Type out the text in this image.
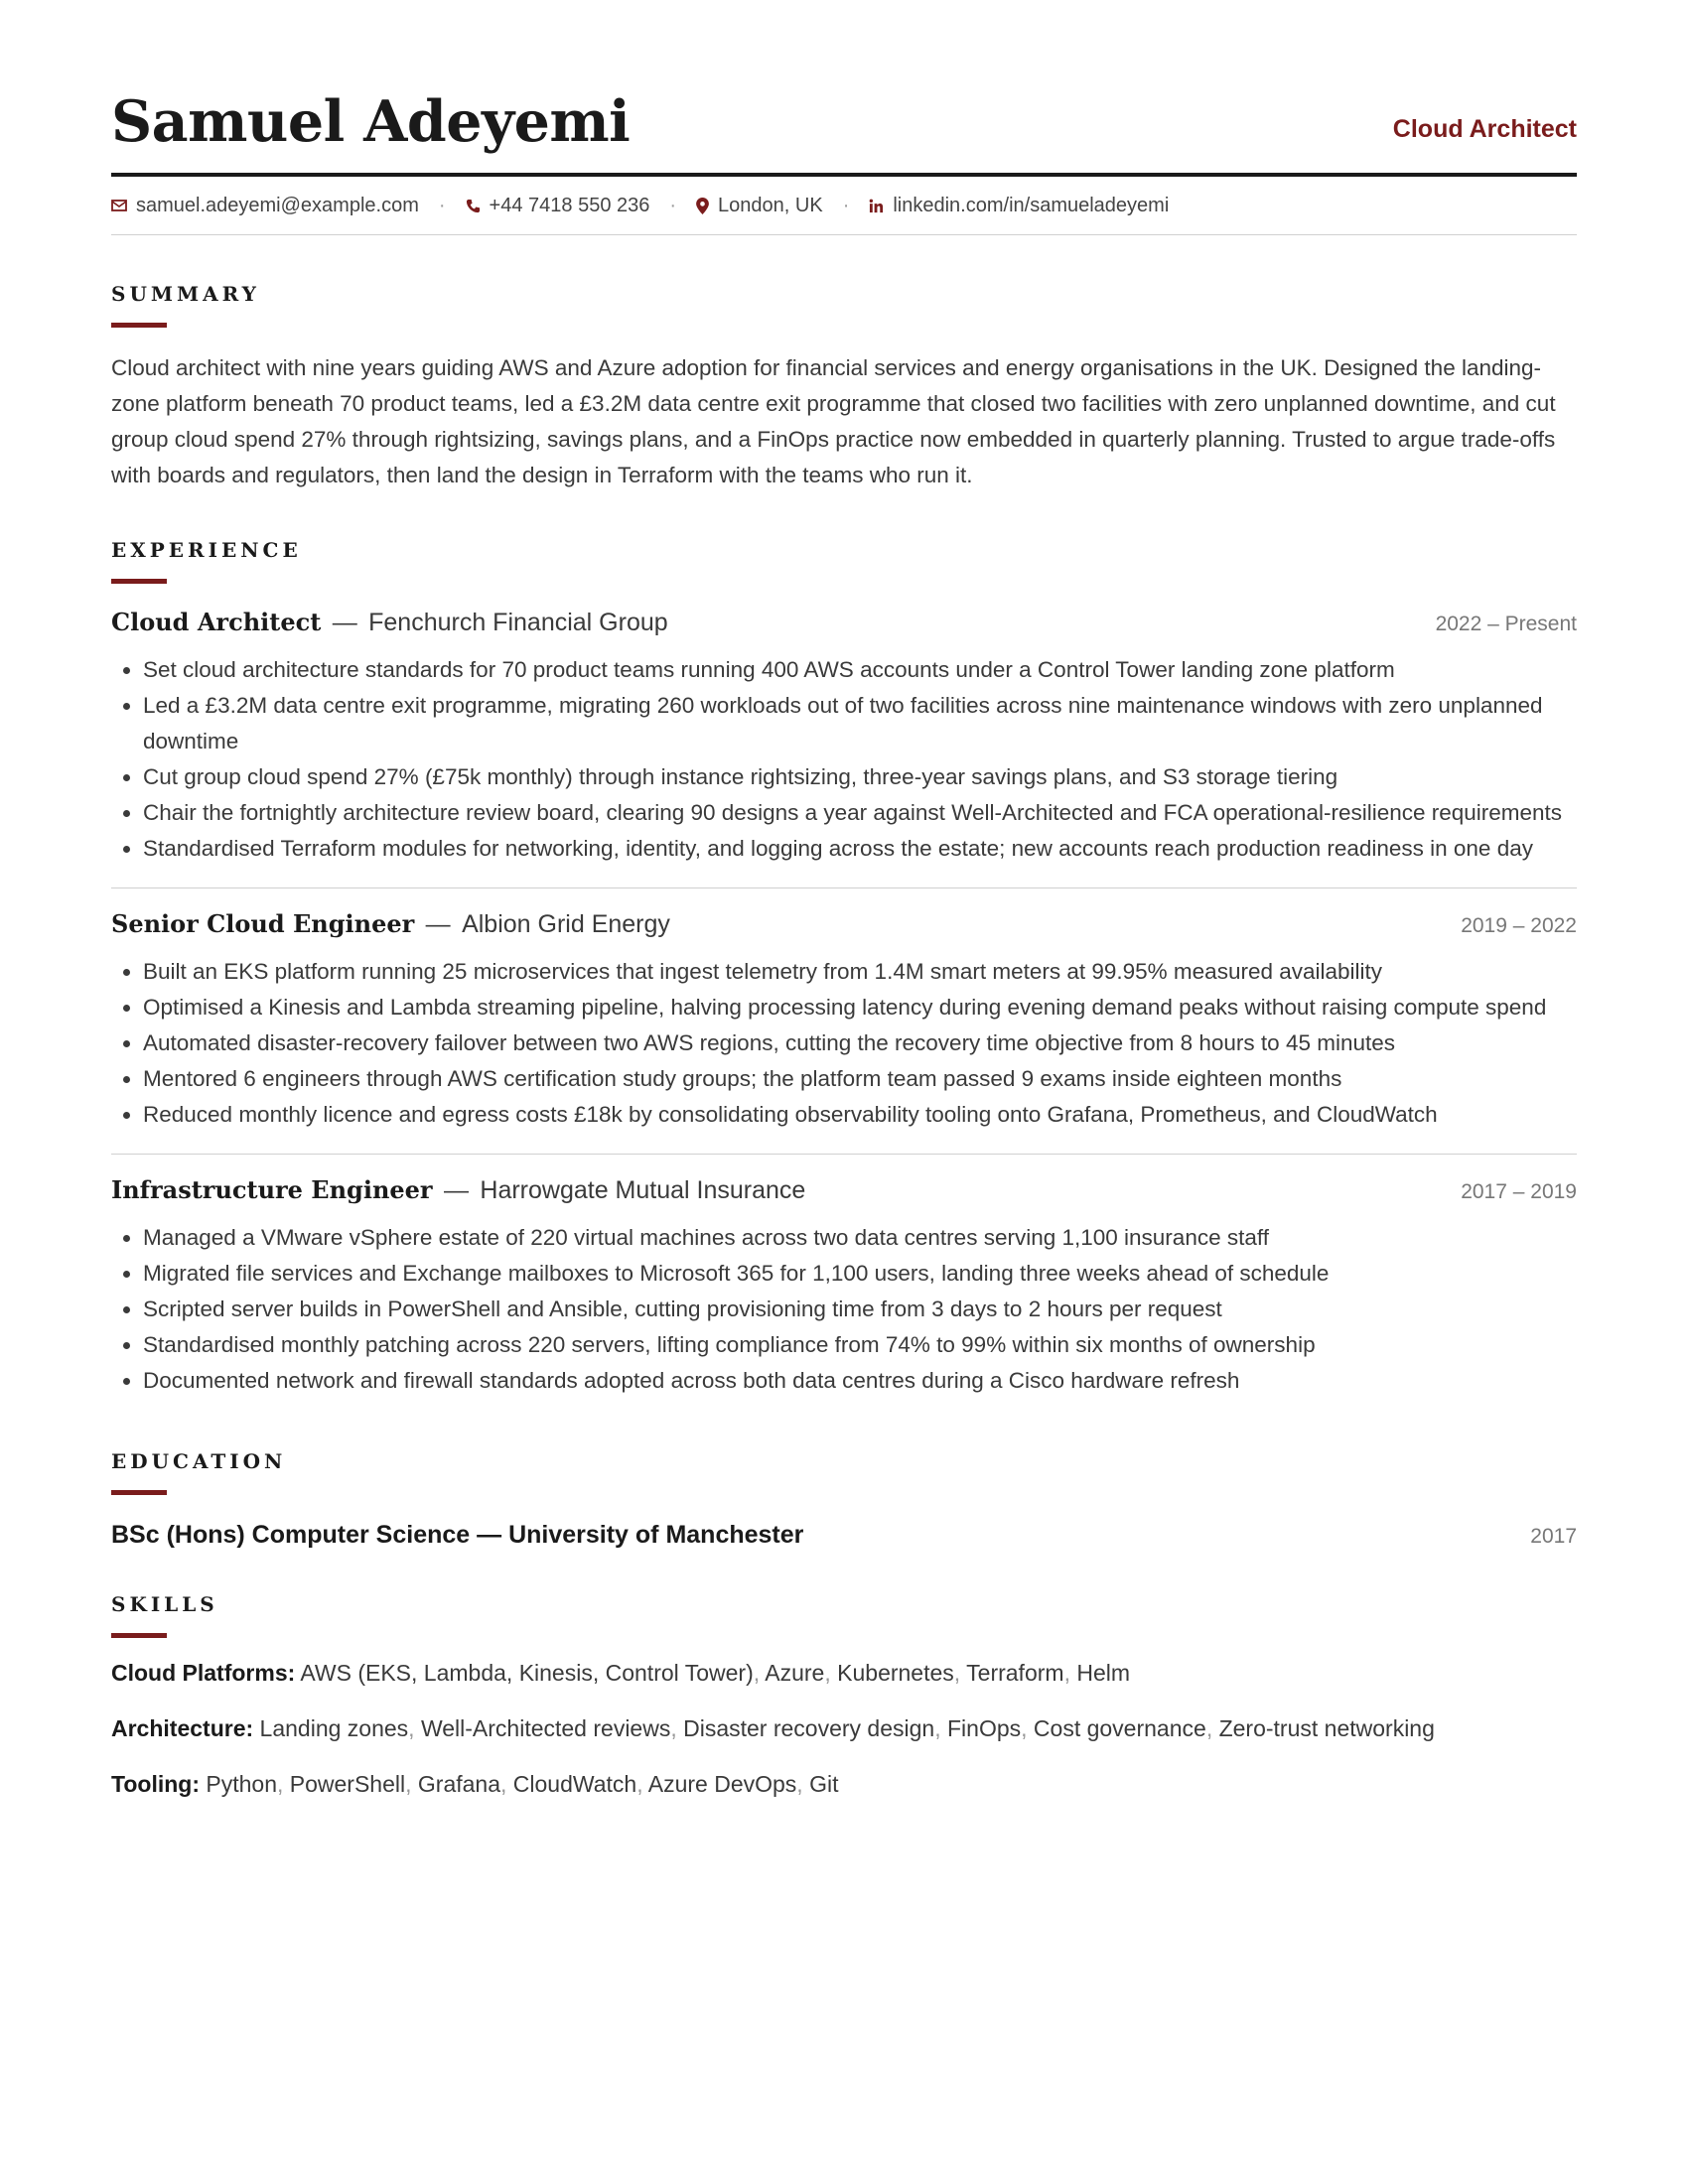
Samuel Adeyemi	Cloud Architect
samuel.adeyemi@example.com · +44 7418 550 236 · London, UK · linkedin.com/in/samueladeyemi
SUMMARY

Cloud architect with nine years guiding AWS and Azure adoption for financial services and energy organisations in the UK. Designed the landing-zone platform beneath 70 product teams, led a £3.2M data centre exit programme that closed two facilities with zero unplanned downtime, and cut group cloud spend 27% through rightsizing, savings plans, and a FinOps practice now embedded in quarterly planning. Trusted to argue trade-offs with boards and regulators, then land the design in Terraform with the teams who run it.

EXPERIENCE
Cloud Architect  —  Fenchurch Financial Group	2022 – Present
• Set cloud architecture standards for 70 product teams running 400 AWS accounts under a Control Tower landing zone platform
• Led a £3.2M data centre exit programme, migrating 260 workloads out of two facilities across nine maintenance windows with zero unplanned downtime
• Cut group cloud spend 27% (£75k monthly) through instance rightsizing, three-year savings plans, and S3 storage tiering
• Chair the fortnightly architecture review board, clearing 90 designs a year against Well-Architected and FCA operational-resilience requirements
• Standardised Terraform modules for networking, identity, and logging across the estate; new accounts reach production readiness in one day
Senior Cloud Engineer  —  Albion Grid Energy	2019 – 2022
• Built an EKS platform running 25 microservices that ingest telemetry from 1.4M smart meters at 99.95% measured availability
• Optimised a Kinesis and Lambda streaming pipeline, halving processing latency during evening demand peaks without raising compute spend
• Automated disaster-recovery failover between two AWS regions, cutting the recovery time objective from 8 hours to 45 minutes
• Mentored 6 engineers through AWS certification study groups; the platform team passed 9 exams inside eighteen months
• Reduced monthly licence and egress costs £18k by consolidating observability tooling onto Grafana, Prometheus, and CloudWatch
Infrastructure Engineer  —  Harrowgate Mutual Insurance	2017 – 2019
• Managed a VMware vSphere estate of 220 virtual machines across two data centres serving 1,100 insurance staff
• Migrated file services and Exchange mailboxes to Microsoft 365 for 1,100 users, landing three weeks ahead of schedule
• Scripted server builds in PowerShell and Ansible, cutting provisioning time from 3 days to 2 hours per request
• Standardised monthly patching across 220 servers, lifting compliance from 74% to 99% within six months of ownership
• Documented network and firewall standards adopted across both data centres during a Cisco hardware refresh
EDUCATION
BSc (Hons) Computer Science — University of Manchester	2017
SKILLS
Cloud Platforms: AWS (EKS, Lambda, Kinesis, Control Tower), Azure, Kubernetes, Terraform, Helm
Architecture: Landing zones, Well-Architected reviews, Disaster recovery design, FinOps, Cost governance, Zero-trust networking
Tooling: Python, PowerShell, Grafana, CloudWatch, Azure DevOps, Git
